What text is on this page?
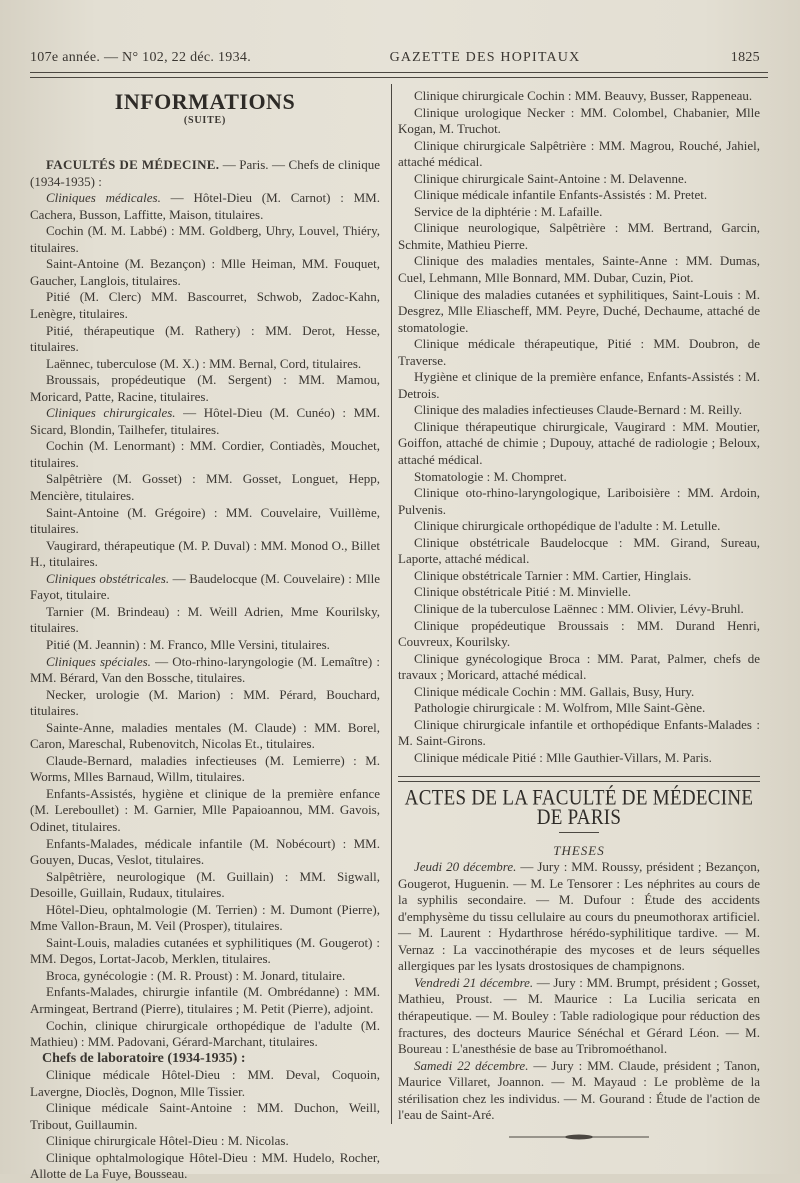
107e année. — N° 102, 22 déc. 1934.	GAZETTE DES HOPITAUX	1825
INFORMATIONS
(SUITE)

FACULTÉS DE MÉDECINE. — Paris. — Chefs de clinique (1934-1935) :

Cliniques médicales. — Hôtel-Dieu (M. Carnot) : MM. Cachera, Busson, Laffitte, Maison, titulaires.

Cochin (M. M. Labbé) : MM. Goldberg, Uhry, Louvel, Thiéry, titulaires.

Saint-Antoine (M. Bezançon) : Mlle Heiman, MM. Fouquet, Gaucher, Langlois, titulaires.

Pitié (M. Clerc) MM. Bascourret, Schwob, Zadoc-Kahn, Lenègre, titulaires.

Pitié, thérapeutique (M. Rathery) : MM. Derot, Hesse, titulaires.

Laënnec, tuberculose (M. X.) : MM. Bernal, Cord, titulaires.

Broussais, propédeutique (M. Sergent) : MM. Mamou, Moricard, Patte, Racine, titulaires.

Cliniques chirurgicales. — Hôtel-Dieu (M. Cunéo) : MM. Sicard, Blondin, Tailhefer, titulaires.

Cochin (M. Lenormant) : MM. Cordier, Contiadès, Mouchet, titulaires.

Salpêtrière (M. Gosset) : MM. Gosset, Longuet, Hepp, Mencière, titulaires.

Saint-Antoine (M. Grégoire) : MM. Couvelaire, Vuillème, titulaires.

Vaugirard, thérapeutique (M. P. Duval) : MM. Monod O., Billet H., titulaires.

Cliniques obstétricales. — Baudelocque (M. Couvelaire) : Mlle Fayot, titulaire.

Tarnier (M. Brindeau) : M. Weill Adrien, Mme Kourilsky, titulaires.

Pitié (M. Jeannin) : M. Franco, Mlle Versini, titulaires.

Cliniques spéciales. — Oto-rhino-laryngologie (M. Lemaître) : MM. Bérard, Van den Bossche, titulaires.

Necker, urologie (M. Marion) : MM. Pérard, Bouchard, titulaires.

Sainte-Anne, maladies mentales (M. Claude) : MM. Borel, Caron, Mareschal, Rubenovitch, Nicolas Et., titulaires.

Claude-Bernard, maladies infectieuses (M. Lemierre) : M. Worms, Mlles Barnaud, Willm, titulaires.

Enfants-Assistés, hygiène et clinique de la première enfance (M. Lereboullet) : M. Garnier, Mlle Papaioannou, MM. Gavois, Odinet, titulaires.

Enfants-Malades, médicale infantile (M. Nobécourt) : MM. Gouyen, Ducas, Veslot, titulaires.

Salpêtrière, neurologique (M. Guillain) : MM. Sigwall, Desoille, Guillain, Rudaux, titulaires.

Hôtel-Dieu, ophtalmologie (M. Terrien) : M. Dumont (Pierre), Mme Vallon-Braun, M. Veil (Prosper), titulaires.

Saint-Louis, maladies cutanées et syphilitiques (M. Gougerot) : MM. Degos, Lortat-Jacob, Merklen, titulaires.

Broca, gynécologie : (M. R. Proust) : M. Jonard, titulaire.

Enfants-Malades, chirurgie infantile (M. Ombrédanne) : MM. Armingeat, Bertrand (Pierre), titulaires ; M. Petit (Pierre), adjoint.

Cochin, clinique chirurgicale orthopédique de l'adulte (M. Mathieu) : MM. Padovani, Gérard-Marchant, titulaires.

Chefs de laboratoire (1934-1935) :

Clinique médicale Hôtel-Dieu : MM. Deval, Coquoin, Lavergne, Dioclès, Dognon, Mlle Tissier.

Clinique médicale Saint-Antoine : MM. Duchon, Weill, Tribout, Guillaumin.

Clinique chirurgicale Hôtel-Dieu : M. Nicolas.

Clinique ophtalmologique Hôtel-Dieu : MM. Hudelo, Rocher, Allotte de La Fuye, Bousseau.

Clinique chirurgicale Cochin : MM. Beauvy, Busser, Rappeneau.

Clinique urologique Necker : MM. Colombel, Chabanier, Mlle Kogan, M. Truchot.

Clinique chirurgicale Salpêtrière : MM. Magrou, Rouché, Jahiel, attaché médical.

Clinique chirurgicale Saint-Antoine : M. Delavenne.

Clinique médicale infantile Enfants-Assistés : M. Pretet.

Service de la diphtérie : M. Lafaille.

Clinique neurologique, Salpêtrière : MM. Bertrand, Garcin, Schmite, Mathieu Pierre.

Clinique des maladies mentales, Sainte-Anne : MM. Dumas, Cuel, Lehmann, Mlle Bonnard, MM. Dubar, Cuzin, Piot.

Clinique des maladies cutanées et syphilitiques, Saint-Louis : M. Desgrez, Mlle Eliascheff, MM. Peyre, Duché, Dechaume, attaché de stomatologie.

Clinique médicale thérapeutique, Pitié : MM. Doubron, de Traverse.

Hygiène et clinique de la première enfance, Enfants-Assistés : M. Detrois.

Clinique des maladies infectieuses Claude-Bernard : M. Reilly.

Clinique thérapeutique chirurgicale, Vaugirard : MM. Moutier, Goiffon, attaché de chimie ; Dupouy, attaché de radiologie ; Beloux, attaché médical.

Stomatologie : M. Chompret.

Clinique oto-rhino-laryngologique, Lariboisière : MM. Ardoin, Pulvenis.

Clinique chirurgicale orthopédique de l'adulte : M. Letulle.

Clinique obstétricale Baudelocque : MM. Girand, Sureau, Laporte, attaché médical.

Clinique obstétricale Tarnier : MM. Cartier, Hinglais.

Clinique obstétricale Pitié : M. Minvielle.

Clinique de la tuberculose Laënnec : MM. Olivier, Lévy-Bruhl.

Clinique propédeutique Broussais : MM. Durand Henri, Couvreux, Kourilsky.

Clinique gynécologique Broca : MM. Parat, Palmer, chefs de travaux ; Moricard, attaché médical.

Clinique médicale Cochin : MM. Gallais, Busy, Hury.

Pathologie chirurgicale : M. Wolfrom, Mlle Saint-Gène.

Clinique chirurgicale infantile et orthopédique Enfants-Malades : M. Saint-Girons.

Clinique médicale Pitié : Mlle Gauthier-Villars, M. Paris.

ACTES DE LA FACULTÉ DE MÉDECINE DE PARIS

THESES

Jeudi 20 décembre. — Jury : MM. Roussy, président ; Bezançon, Gougerot, Huguenin. — M. Le Tensorer : Les néphrites au cours de la syphilis secondaire. — M. Dufour : Étude des accidents d'emphysème du tissu cellulaire au cours du pneumothorax artificiel. — M. Laurent : Hydarthrose hérédo-syphilitique tardive. — M. Vernaz : La vaccinothérapie des mycoses et de leurs séquelles allergiques par les lysats drostosiques de champignons.

Vendredi 21 décembre. — Jury : MM. Brumpt, président ; Gosset, Mathieu, Proust. — M. Maurice : La Lucilia sericata en thérapeutique. — M. Bouley : Table radiologique pour réduction des fractures, des docteurs Maurice Sénéchal et Gérard Léon. — M. Boureau : L'anesthésie de base au Tribromoéthanol.

Samedi 22 décembre. — Jury : MM. Claude, président ; Tanon, Maurice Villaret, Joannon. — M. Mayaud : Le problème de la stérilisation chez les individus. — M. Gourand : Étude de l'action de l'eau de Saint-Aré.
